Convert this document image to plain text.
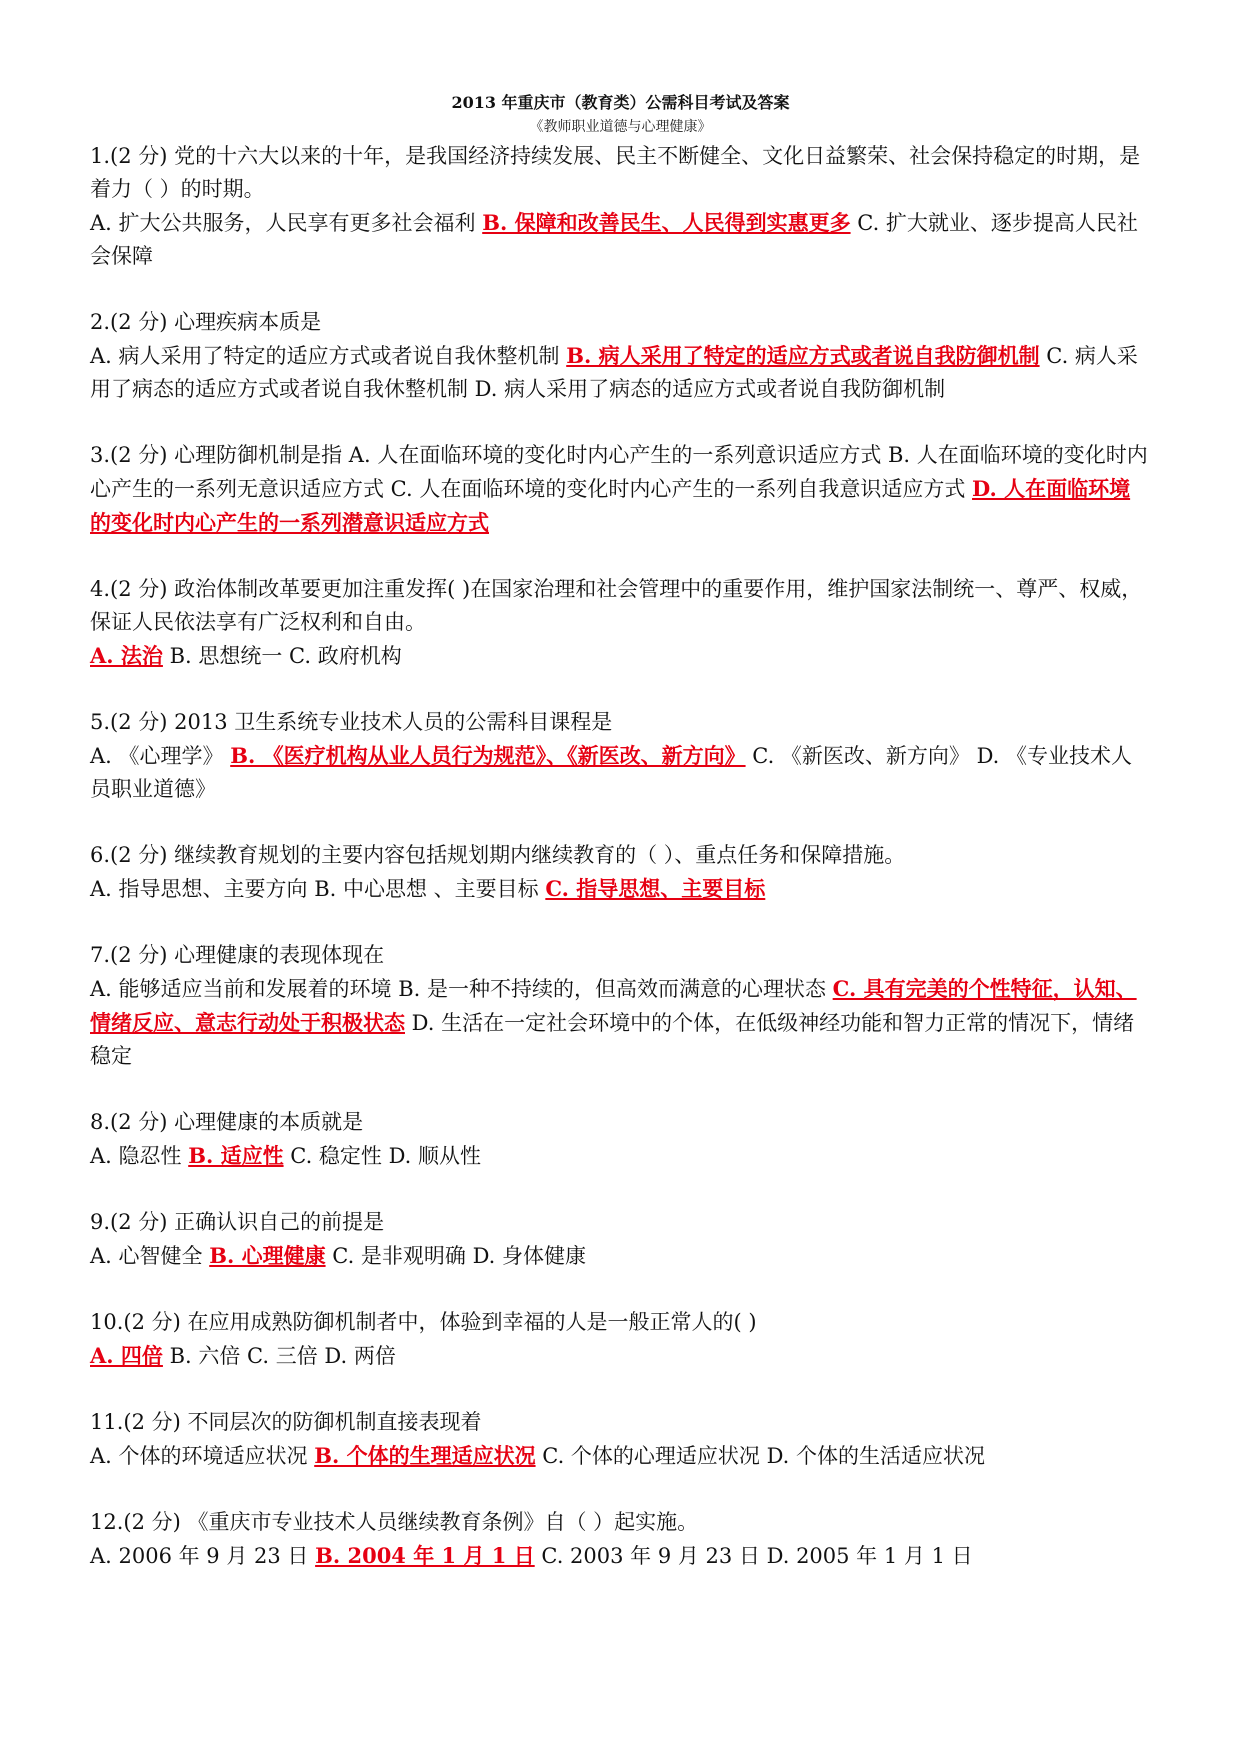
2013 年重庆市（教育类）公需科目考试及答案
《教师职业道德与心理健康》

1.(2 分) 党的十六大以来的十年，是我国经济持续发展、民主不断健全、文化日益繁荣、社会保持稳定的时期，是着力（ ）的时期。

A. 扩大公共服务，人民享有更多社会福利 B. 保障和改善民生、人民得到实惠更多 C. 扩大就业、逐步提高人民社会保障

2.(2 分) 心理疾病本质是

A. 病人采用了特定的适应方式或者说自我休整机制 B. 病人采用了特定的适应方式或者说自我防御机制 C. 病人采用了病态的适应方式或者说自我休整机制 D. 病人采用了病态的适应方式或者说自我防御机制

3.(2 分) 心理防御机制是指 A. 人在面临环境的变化时内心产生的一系列意识适应方式 B. 人在面临环境的变化时内心产生的一系列无意识适应方式 C. 人在面临环境的变化时内心产生的一系列自我意识适应方式 D. 人在面临环境的变化时内心产生的一系列潜意识适应方式

4.(2 分) 政治体制改革要更加注重发挥( )在国家治理和社会管理中的重要作用，维护国家法制统一、尊严、权威，保证人民依法享有广泛权利和自由。

A. 法治 B. 思想统一 C. 政府机构

5.(2 分) 2013 卫生系统专业技术人员的公需科目课程是

A. 《心理学》 B. 《医疗机构从业人员行为规范》、《新医改、新方向》 C. 《新医改、新方向》 D. 《专业技术人员职业道德》

6.(2 分) 继续教育规划的主要内容包括规划期内继续教育的（ ）、重点任务和保障措施。

A. 指导思想、主要方向 B. 中心思想 、主要目标 C. 指导思想、主要目标

7.(2 分) 心理健康的表现体现在

A. 能够适应当前和发展着的环境 B. 是一种不持续的，但高效而满意的心理状态 C. 具有完美的个性特征，认知、情绪反应、意志行动处于积极状态 D. 生活在一定社会环境中的个体，在低级神经功能和智力正常的情况下，情绪稳定

8.(2 分) 心理健康的本质就是

A. 隐忍性 B. 适应性 C. 稳定性 D. 顺从性

9.(2 分) 正确认识自己的前提是

A. 心智健全 B. 心理健康 C. 是非观明确 D. 身体健康

10.(2 分) 在应用成熟防御机制者中，体验到幸福的人是一般正常人的( )

A. 四倍 B. 六倍 C. 三倍 D. 两倍

11.(2 分) 不同层次的防御机制直接表现着

A. 个体的环境适应状况 B. 个体的生理适应状况 C. 个体的心理适应状况 D. 个体的生活适应状况

12.(2 分) 《重庆市专业技术人员继续教育条例》自（ ）起实施。

A. 2006 年 9 月 23 日 B. 2004 年 1 月 1 日 C. 2003 年 9 月 23 日 D. 2005 年 1 月 1 日
